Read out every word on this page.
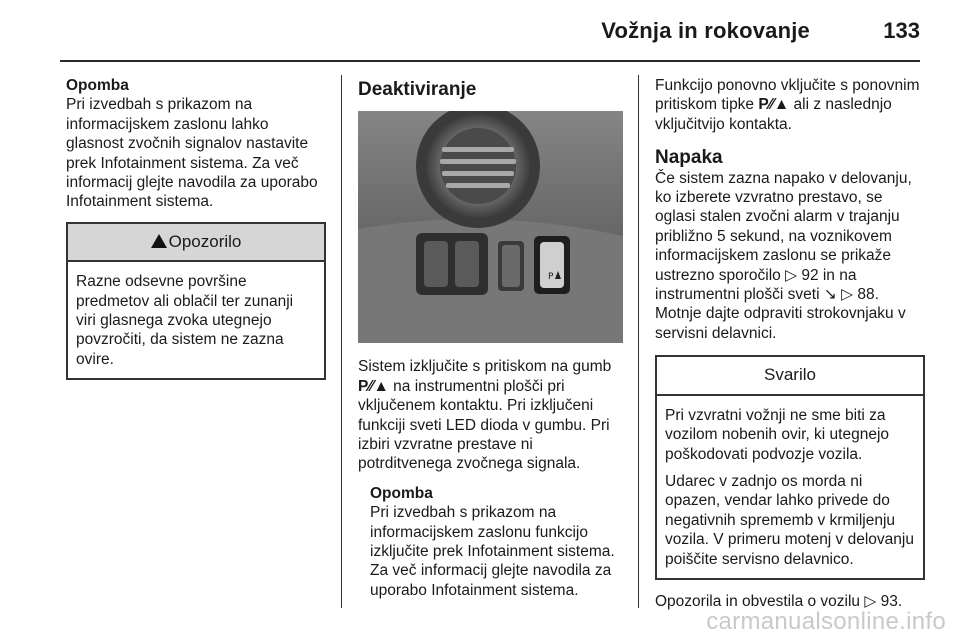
Vožnja in rokovanje	133

Opomba

Pri izvedbah s prikazom na informacijskem zaslonu lahko glasnost zvočnih signalov nastavite prek Infotainment sistema. Za več informacij glejte navodila za uporabo Infotainment sistema.

Opozorilo

Razne odsevne površine predmetov ali oblačil ter zunanji viri glasnega zvoka utegnejo povzročiti, da sistem ne zazna ovire.

Deaktiviranje
P

Sistem izključite s pritiskom na gumb
P⁄⁄▲ na instrumentni plošči pri vključenem kontaktu. Pri izključeni funkciji sveti LED dioda v gumbu. Pri izbiri vzvratne prestave ni potrditvenega zvočnega signala.

Opomba

Pri izvedbah s prikazom na informacijskem zaslonu funkcijo izključite prek Infotainment sistema. Za več informacij glejte navodila za uporabo Infotainment sistema.

Funkcijo ponovno vključite s ponovnim pritiskom tipke P⁄⁄▲ ali z naslednjo vključitvijo kontakta.

Napaka

Če sistem zazna napako v delovanju, ko izberete vzvratno prestavo, se oglasi stalen zvočni alarm v trajanju približno 5 sekund, na voznikovem informacijskem zaslonu se prikaže ustrezno sporočilo ▷ 92 in na instrumentni plošči sveti ↘ ▷ 88. Motnje dajte odpraviti strokovnjaku v servisni delavnici.

Svarilo

Pri vzvratni vožnji ne sme biti za vozilom nobenih ovir, ki utegnejo poškodovati podvozje vozila.

Udarec v zadnjo os morda ni opazen, vendar lahko privede do negativnih sprememb v krmiljenju vozila. V primeru motenj v delovanju poiščite servisno delavnico.

Opozorila in obvestila o vozilu ▷ 93.

carmanualsonline.info
